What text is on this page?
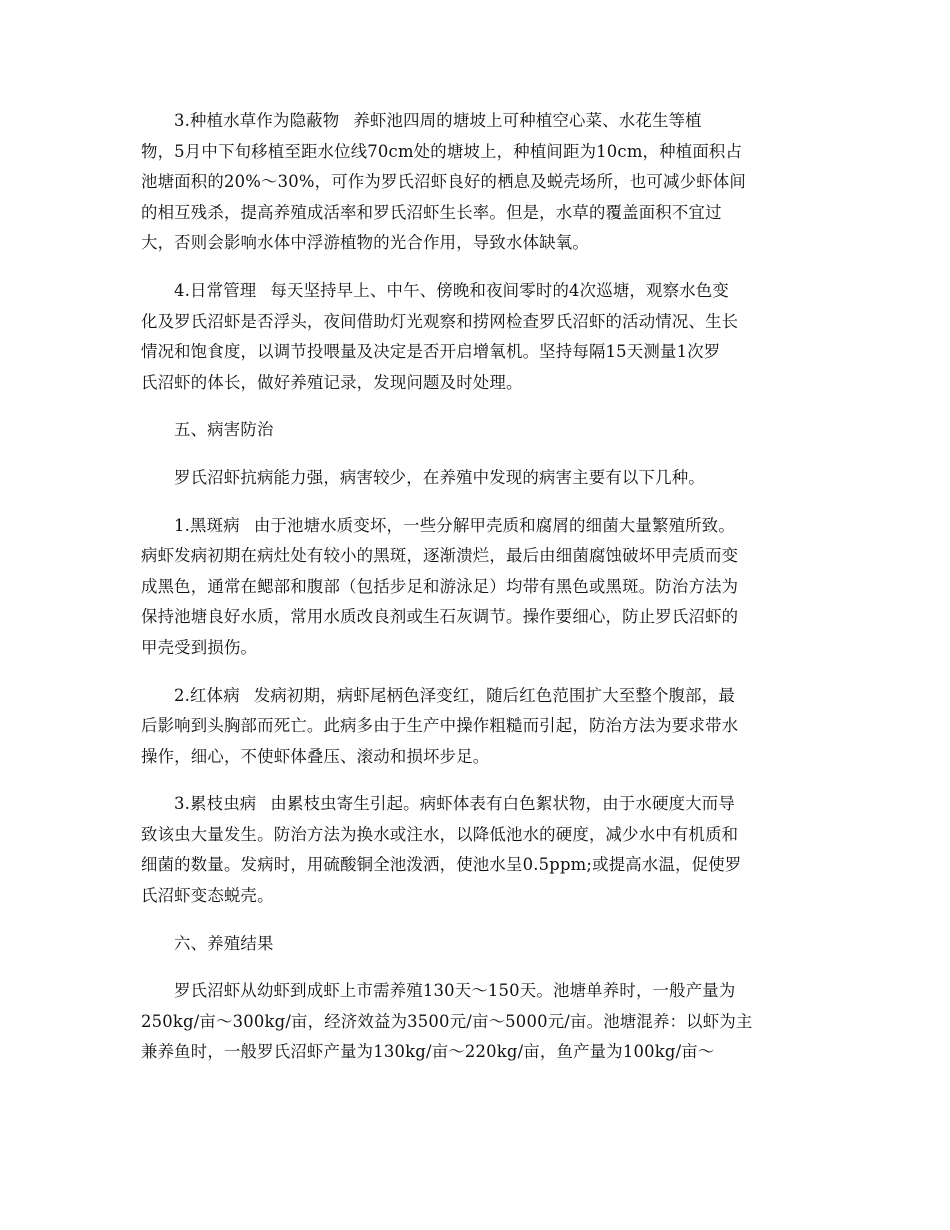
3.种植水草作为隐蔽物 养虾池四周的塘坡上可种植空心菜、水花生等植
物，5月中下旬移植至距水位线70cm处的塘坡上，种植间距为10cm，种植面积占
池塘面积的20%～30%，可作为罗氏沼虾良好的栖息及蜕壳场所，也可减少虾体间
的相互残杀，提高养殖成活率和罗氏沼虾生长率。但是，水草的覆盖面积不宜过
大，否则会影响水体中浮游植物的光合作用，导致水体缺氧。
4.日常管理 每天坚持早上、中午、傍晚和夜间零时的4次巡塘，观察水色变
化及罗氏沼虾是否浮头，夜间借助灯光观察和捞网检查罗氏沼虾的活动情况、生长
情况和饱食度，以调节投喂量及决定是否开启增氧机。坚持每隔15天测量1次罗
氏沼虾的体长，做好养殖记录，发现问题及时处理。
五、病害防治
罗氏沼虾抗病能力强，病害较少，在养殖中发现的病害主要有以下几种。
1.黑斑病 由于池塘水质变坏，一些分解甲壳质和腐屑的细菌大量繁殖所致。
病虾发病初期在病灶处有较小的黑斑，逐渐溃烂，最后由细菌腐蚀破坏甲壳质而变
成黑色，通常在鳃部和腹部（包括步足和游泳足）均带有黑色或黑斑。防治方法为
保持池塘良好水质，常用水质改良剂或生石灰调节。操作要细心，防止罗氏沼虾的
甲壳受到损伤。
2.红体病 发病初期，病虾尾柄色泽变红，随后红色范围扩大至整个腹部，最
后影响到头胸部而死亡。此病多由于生产中操作粗糙而引起，防治方法为要求带水
操作，细心，不使虾体叠压、滚动和损坏步足。
3.累枝虫病 由累枝虫寄生引起。病虾体表有白色絮状物，由于水硬度大而导
致该虫大量发生。防治方法为换水或注水，以降低池水的硬度，减少水中有机质和
细菌的数量。发病时，用硫酸铜全池泼洒，使池水呈0.5ppm;或提高水温，促使罗
氏沼虾变态蜕壳。
六、养殖结果
罗氏沼虾从幼虾到成虾上市需养殖130天～150天。池塘单养时，一般产量为
250kg/亩～300kg/亩，经济效益为3500元/亩～5000元/亩。池塘混养：以虾为主
兼养鱼时，一般罗氏沼虾产量为130kg/亩～220kg/亩，鱼产量为100kg/亩～
